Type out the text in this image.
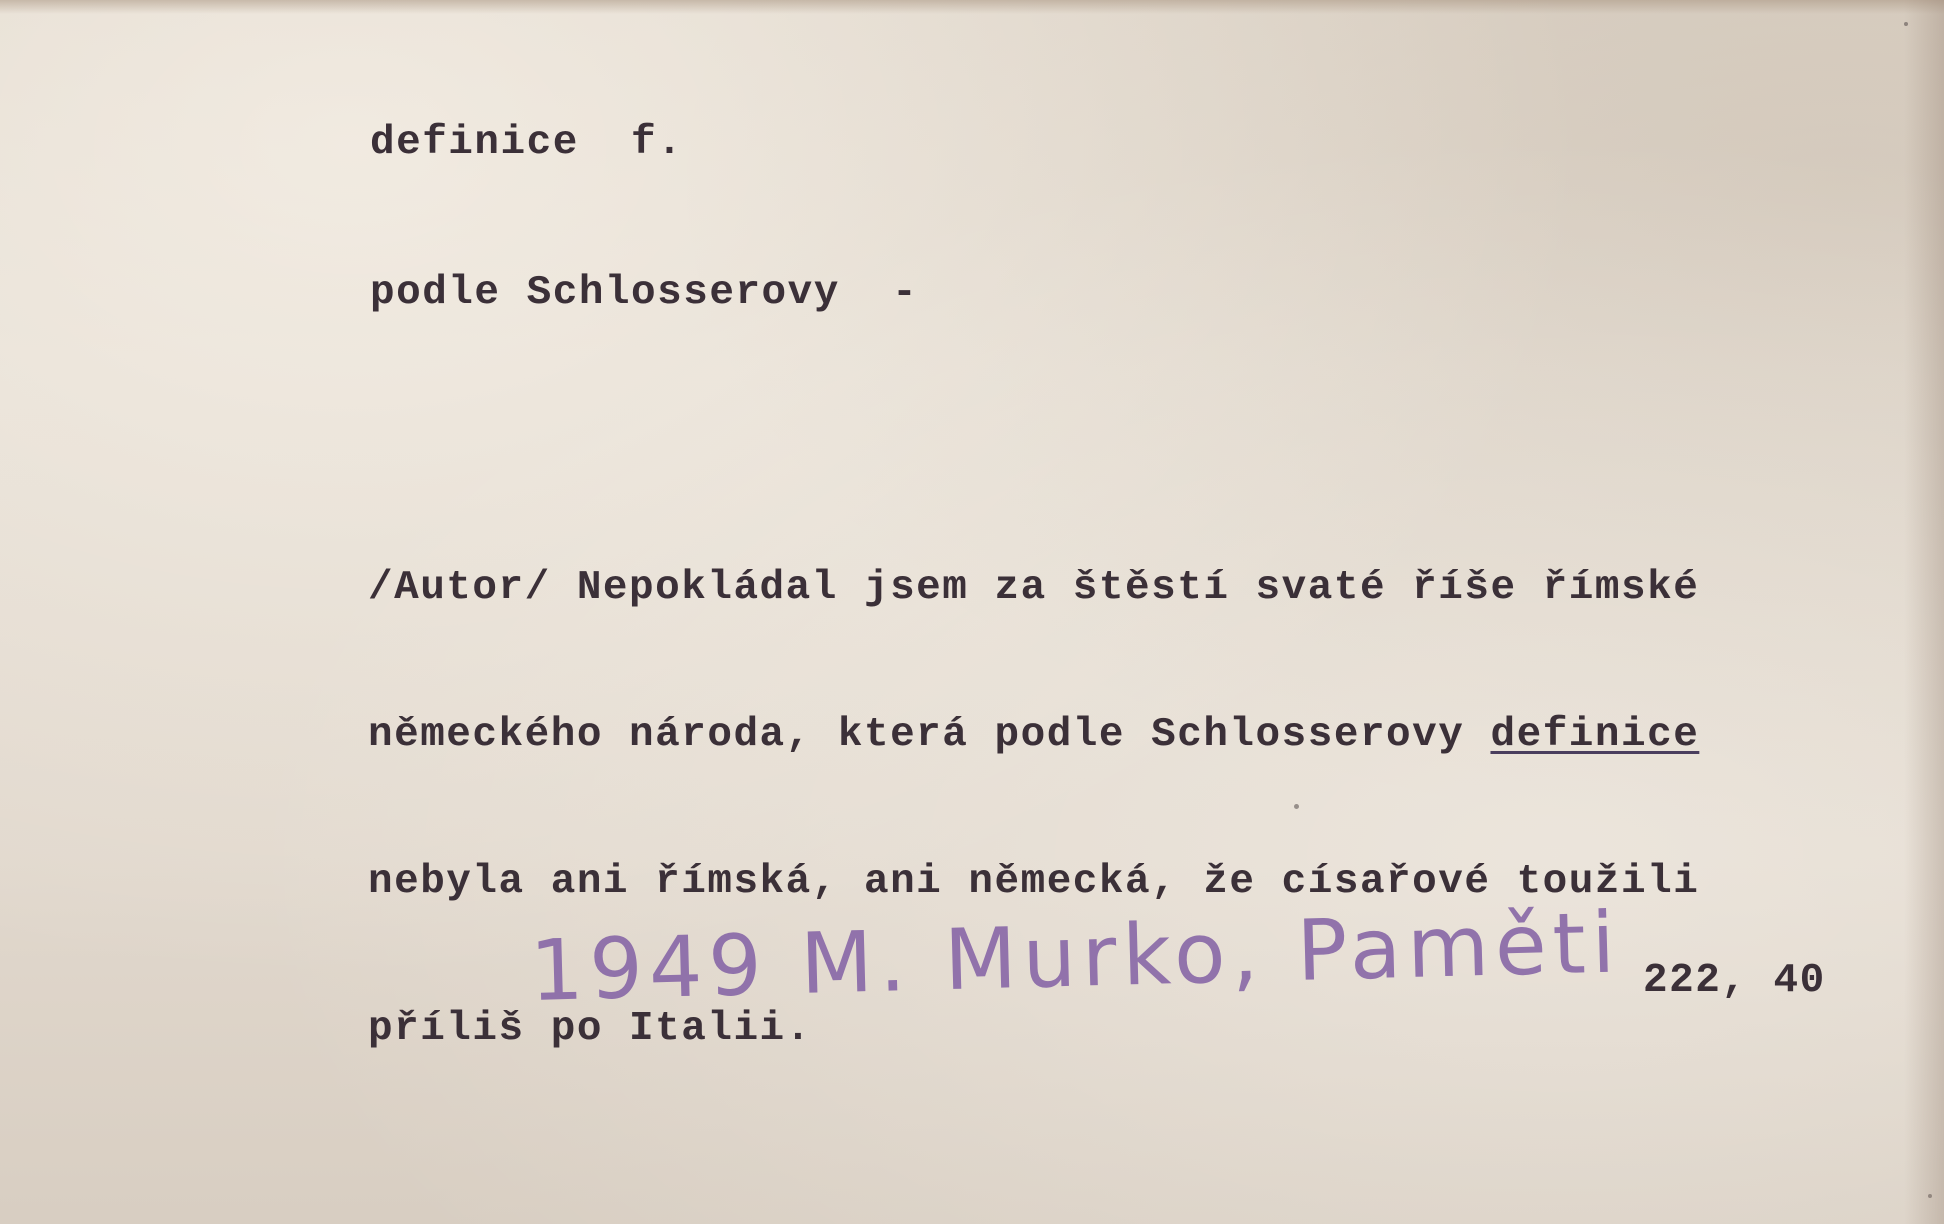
definice  f.

podle Schlosserovy  -

/Autor/ Nepokládal jsem za štěstí svaté říše římské

německého národa, která podle Schlosserovy definice

nebyla ani římská, ani německá, že císařové toužili

příliš po Italii.

1949 M. Murko, Paměti 222, 40
